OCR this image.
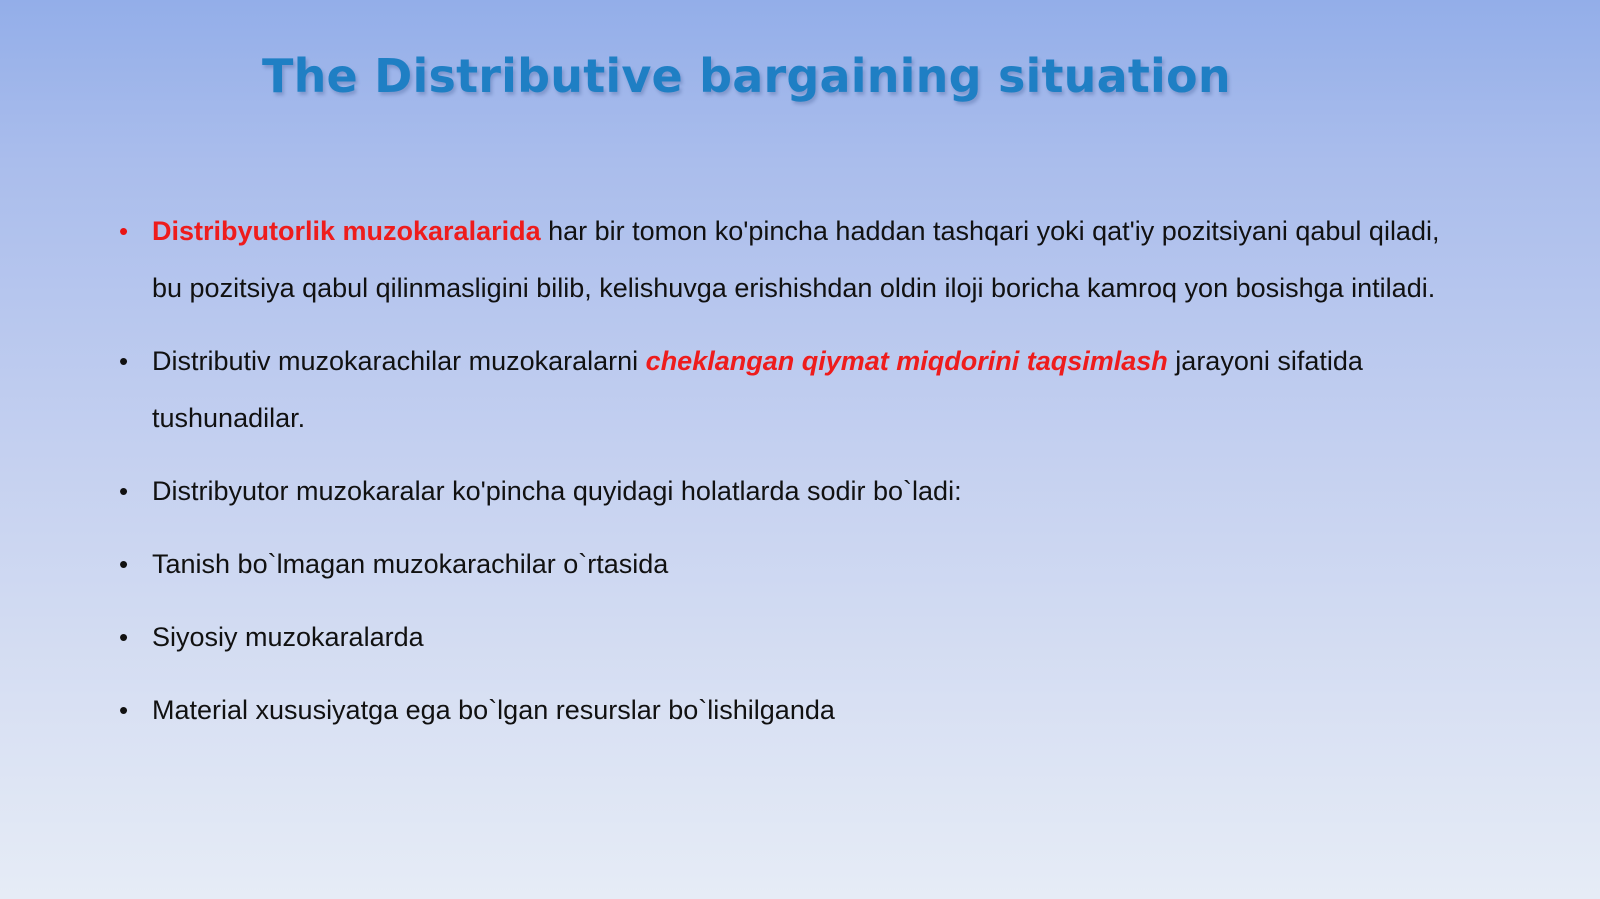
The Distributive bargaining situation
• Distribyutorlik muzokaralarida har bir tomon ko'pincha haddan tashqari yoki qat'iy pozitsiyani qabul qiladi, bu pozitsiya qabul qilinmasligini bilib, kelishuvga erishishdan oldin iloji boricha kamroq yon bosishga intiladi.
• Distributiv muzokarachilar muzokaralarni cheklangan qiymat miqdorini taqsimlash jarayoni sifatida tushunadilar.
• Distribyutor muzokaralar ko'pincha quyidagi holatlarda sodir bo`ladi:
• Tanish bo`lmagan muzokarachilar o`rtasida
• Siyosiy muzokaralarda
• Material xususiyatga ega bo`lgan resurslar bo`lishilganda
